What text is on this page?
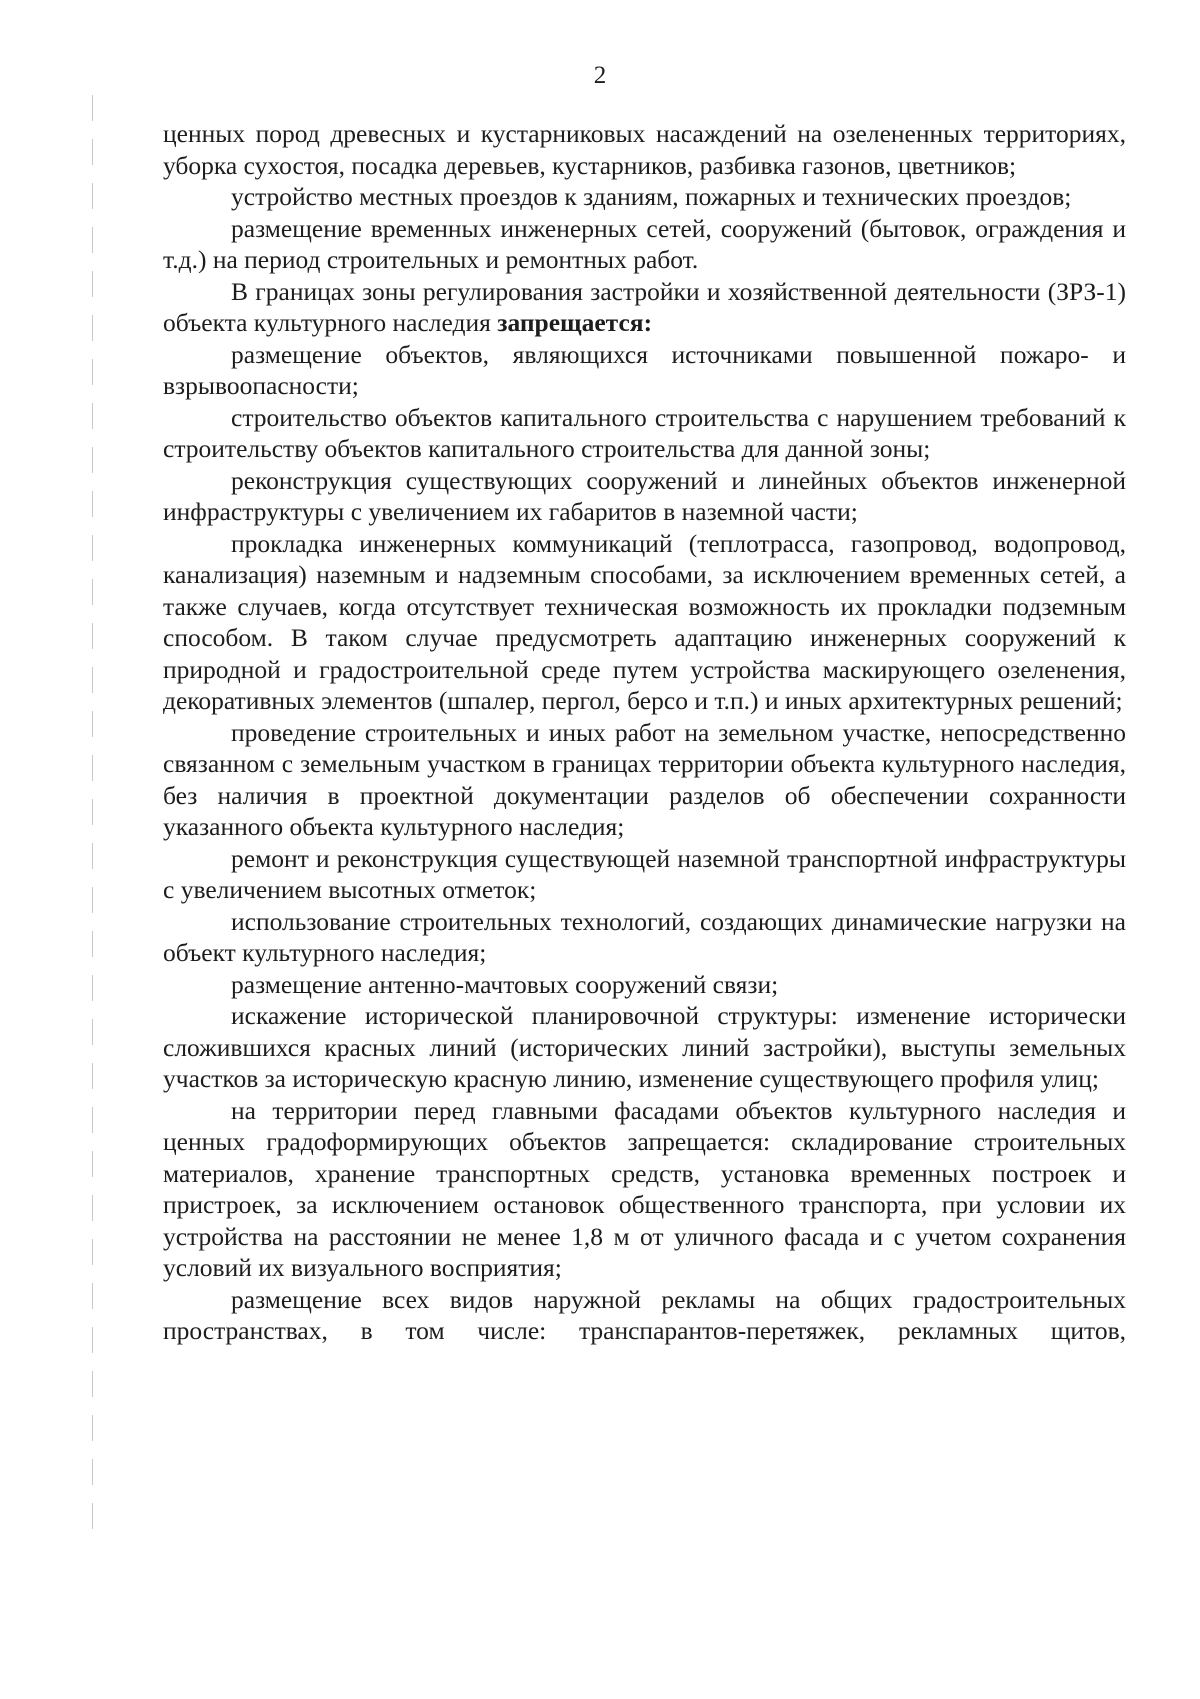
2

ценных пород древесных и кустарниковых насаждений на озелененных территориях, уборка сухостоя, посадка деревьев, кустарников, разбивка газонов, цветников;

устройство местных проездов к зданиям, пожарных и технических проездов;

размещение временных инженерных сетей, сооружений (бытовок, ограждения и т.д.) на период строительных и ремонтных работ.

В границах зоны регулирования застройки и хозяйственной деятельности (ЗРЗ-1) объекта культурного наследия запрещается:

размещение объектов, являющихся источниками повышенной пожаро- и взрывоопасности;

строительство объектов капитального строительства с нарушением требований к строительству объектов капитального строительства для данной зоны;

реконструкция существующих сооружений и линейных объектов инженерной инфраструктуры с увеличением их габаритов в наземной части;

прокладка инженерных коммуникаций (теплотрасса, газопровод, водопровод, канализация) наземным и надземным способами, за исключением временных сетей, а также случаев, когда отсутствует техническая возможность их прокладки подземным способом. В таком случае предусмотреть адаптацию инженерных сооружений к природной и градостроительной среде путем устройства маскирующего озеленения, декоративных элементов (шпалер, пергол, берсо и т.п.) и иных архитектурных решений;

проведение строительных и иных работ на земельном участке, непосредственно связанном с земельным участком в границах территории объекта культурного наследия, без наличия в проектной документации разделов об обеспечении сохранности указанного объекта культурного наследия;

ремонт и реконструкция существующей наземной транспортной инфраструктуры с увеличением высотных отметок;

использование строительных технологий, создающих динамические нагрузки на объект культурного наследия;

размещение антенно-мачтовых сооружений связи;

искажение исторической планировочной структуры: изменение исторически сложившихся красных линий (исторических линий застройки), выступы земельных участков за историческую красную линию, изменение существующего профиля улиц;

на территории перед главными фасадами объектов культурного наследия и ценных градоформирующих объектов запрещается: складирование строительных материалов, хранение транспортных средств, установка временных построек и пристроек, за исключением остановок общественного транспорта, при условии их устройства на расстоянии не менее 1,8 м от уличного фасада и с учетом сохранения условий их визуального восприятия;

размещение всех видов наружной рекламы на общих градостроительных пространствах, в том числе: транспарантов-перетяжек, рекламных щитов,
